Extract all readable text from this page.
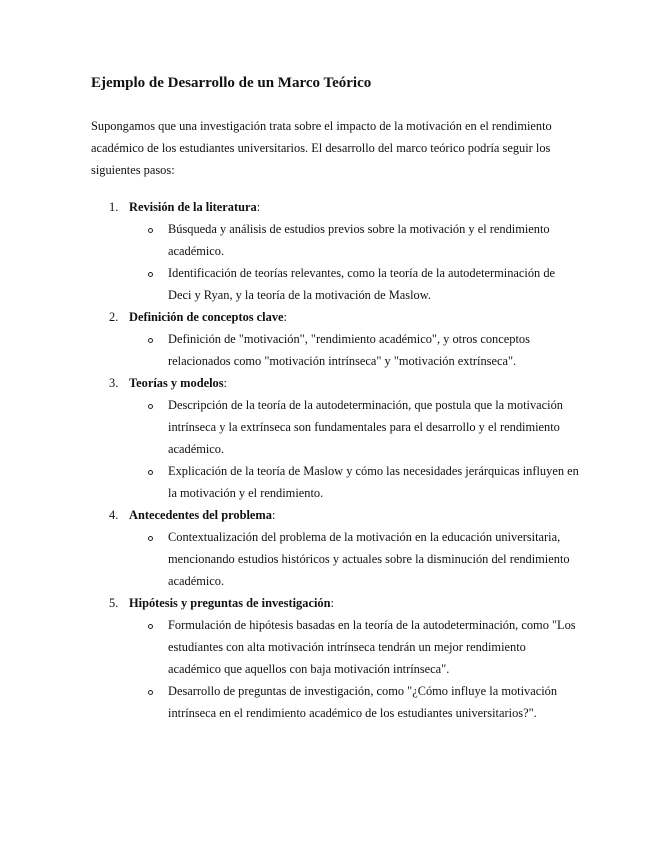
Ejemplo de Desarrollo de un Marco Teórico

Supongamos que una investigación trata sobre el impacto de la motivación en el rendimiento académico de los estudiantes universitarios. El desarrollo del marco teórico podría seguir los siguientes pasos:

1. Revisión de la literatura:
Búsqueda y análisis de estudios previos sobre la motivación y el rendimiento académico.
Identificación de teorías relevantes, como la teoría de la autodeterminación de Deci y Ryan, y la teoría de la motivación de Maslow.
2. Definición de conceptos clave:
Definición de "motivación", "rendimiento académico", y otros conceptos relacionados como "motivación intrínseca" y "motivación extrínseca".
3. Teorías y modelos:
Descripción de la teoría de la autodeterminación, que postula que la motivación intrínseca y la extrínseca son fundamentales para el desarrollo y el rendimiento académico.
Explicación de la teoría de Maslow y cómo las necesidades jerárquicas influyen en la motivación y el rendimiento.
4. Antecedentes del problema:
Contextualización del problema de la motivación en la educación universitaria, mencionando estudios históricos y actuales sobre la disminución del rendimiento académico.
5. Hipótesis y preguntas de investigación:
Formulación de hipótesis basadas en la teoría de la autodeterminación, como "Los estudiantes con alta motivación intrínseca tendrán un mejor rendimiento académico que aquellos con baja motivación intrínseca".
Desarrollo de preguntas de investigación, como "¿Cómo influye la motivación intrínseca en el rendimiento académico de los estudiantes universitarios?".
